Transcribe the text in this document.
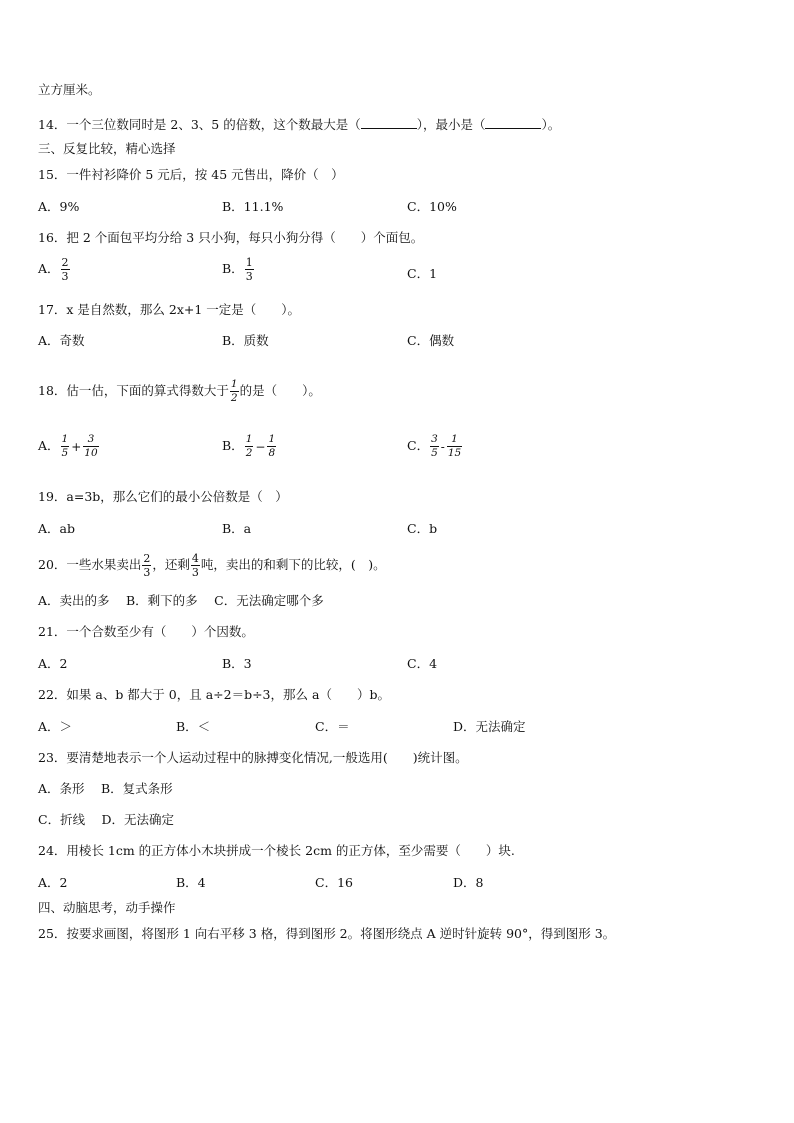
立方厘米。
14．一个三位数同时是 2、3、5 的倍数，这个数最大是（	），最小是（	）。
三、反复比较，精心选择
15．一件衬衫降价 5 元后，按 45 元售出，降价（　）
A．9%	B．11.1%	C．10%
16．把 2 个面包平均分给 3 只小狗，每只小狗分得（　　）个面包。
A． $\frac{2}{3}$	B． $\frac{1}{3}$	C．1
17．x 是自然数，那么 2x+1 一定是（　　）。
A．奇数	B．质数	C．偶数
18．估一估，下面的算式得数大于 $\frac{1}{2}$ 的是（　　）。
A． $\frac{1}{5} + \frac{3}{10}$	B． $\frac{1}{2} - \frac{1}{8}$	C． $\frac{3}{5} - \frac{1}{15}$
19．a=3b，那么它们的最小公倍数是（　）
A．ab	B．a	C．b
20．一些水果卖出 $\frac{2}{3}$ ，还剩 $\frac{4}{3}$ 吨，卖出的和剩下的比较，(　)。
A．卖出的多　 B．剩下的多　 C．无法确定哪个多
21．一个合数至少有（　　）个因数。
A．2	B．3	C．4
22．如果 a、b 都大于 0，且 a÷2＝b÷3，那么 a（　　）b。
A．＞	B．＜	C．＝	D．无法确定
23．要清楚地表示一个人运动过程中的脉搏变化情况,一般选用(　　)统计图。
A．条形　 B．复式条形
C．折线　 D．无法确定
24．用棱长 1cm 的正方体小木块拼成一个棱长 2cm 的正方体，至少需要（　　）块.
A．2	B．4	C．16	D．8
四、动脑思考，动手操作
25．按要求画图，将图形 1 向右平移 3 格，得到图形 2。将图形绕点 A 逆时针旋转 90°，得到图形 3。
